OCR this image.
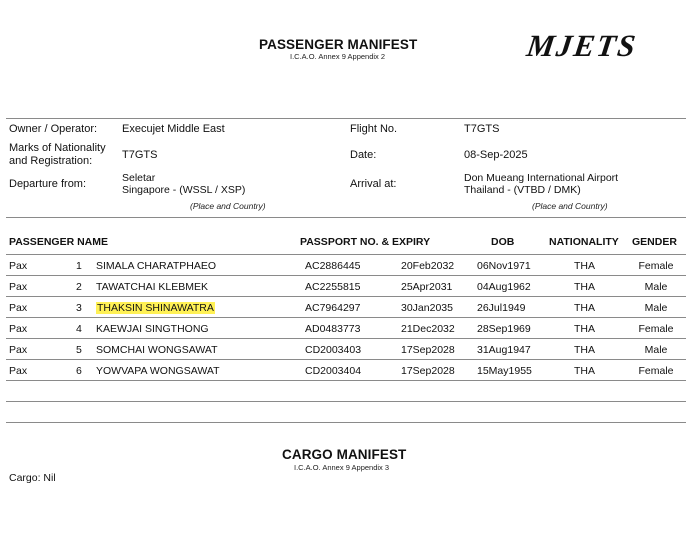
PASSENGER MANIFEST
I.C.A.O. Annex 9 Appendix 2	MJETS
Owner / Operator: Execujet Middle East	Flight No.	T7GTS
Marks of Nationality
and Registration:	T7GTS	Date:	08-Sep-2025
Departure from:	Seletar
Singapore - (WSSL / XSP)
(Place and Country)
Arrival at:	Don Mueang International Airport
Thailand - (VTBD / DMK)
(Place and Country)
PASSENGER NAME	PASSPORT NO. & EXPIRY	DOB	NATIONALITY GENDER
Pax	1 SIMALA CHARATPHAEO	AC2886445	20Feb2032 06Nov1971	THA	Female
Pax	2 TAWATCHAI KLEBMEK	AC2255815	25Apr2031 04Aug1962	THA	Male
Pax	3 THAKSIN SHINAWATRA	AC7964297	30Jan2035 26Jul1949	THA	Male
Pax	4 KAEWJAI SINGTHONG	AD0483773	21Dec2032 28Sep1969	THA	Female
Pax	5 SOMCHAI WONGSAWAT	CD2003403	17Sep2028 31Aug1947	THA	Male
Pax	6 YOWVAPA WONGSAWAT	CD2003404	17Sep2028 15May1955	THA	Female
CARGO MANIFEST
I.C.A.O. Annex 9 Appendix 3
Cargo: Nil
